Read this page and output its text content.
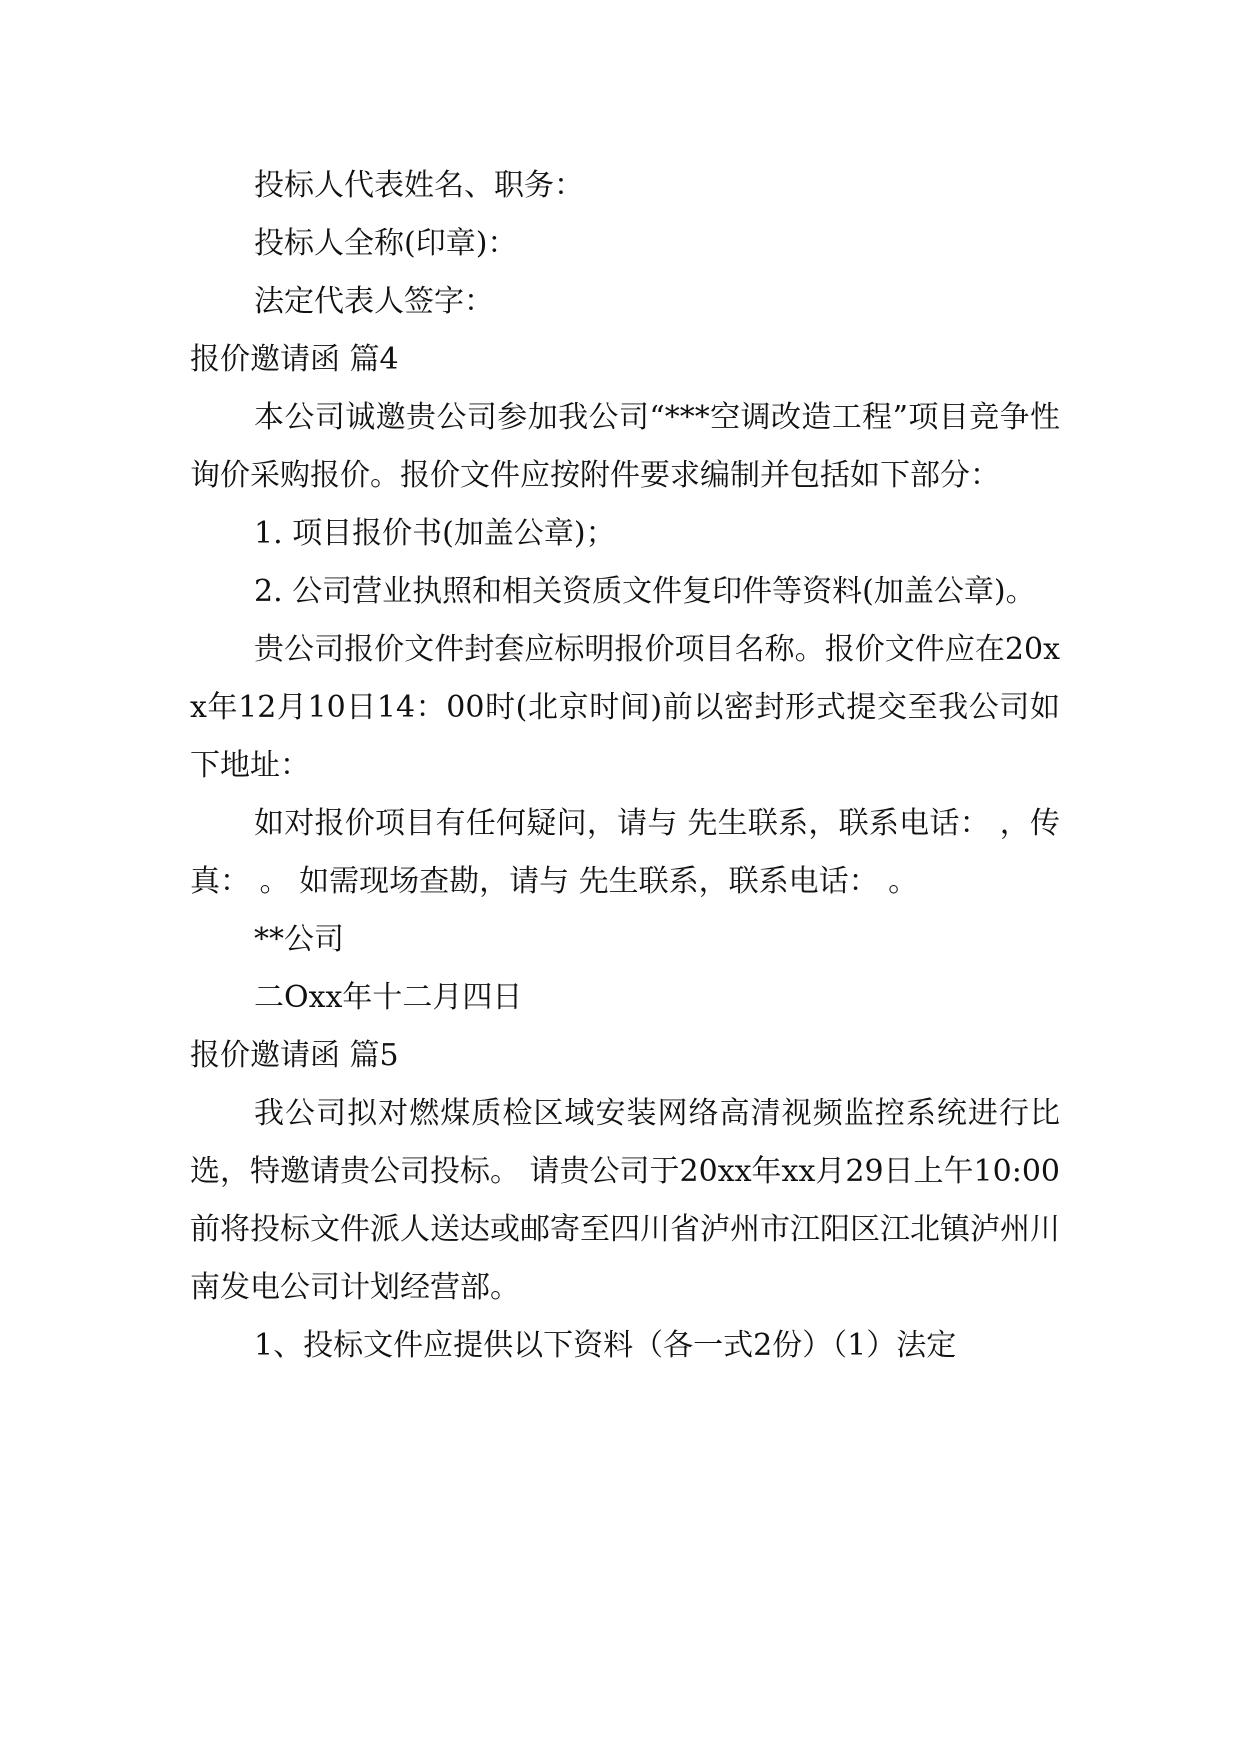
投标人代表姓名、职务：

投标人全称(印章)：

法定代表人签字：

报价邀请函 篇4

本公司诚邀贵公司参加我公司“***空调改造工程”项目竞争性询价采购报价。报价文件应按附件要求编制并包括如下部分：

1. 项目报价书(加盖公章)；

2. 公司营业执照和相关资质文件复印件等资料(加盖公章)。

贵公司报价文件封套应标明报价项目名称。报价文件应在20xx年12月10日14：00时(北京时间)前以密封形式提交至我公司如下地址：

如对报价项目有任何疑问，请与 先生联系，联系电话： ，传真： 。 如需现场查勘，请与 先生联系，联系电话： 。

**公司

二Oxx年十二月四日

报价邀请函 篇5

我公司拟对燃煤质检区域安装网络高清视频监控系统进行比选，特邀请贵公司投标。 请贵公司于20xx年xx月29日上午10:00前将投标文件派人送达或邮寄至四川省泸州市江阳区江北镇泸州川南发电公司计划经营部。

1、投标文件应提供以下资料（各一式2份）（1）法定
